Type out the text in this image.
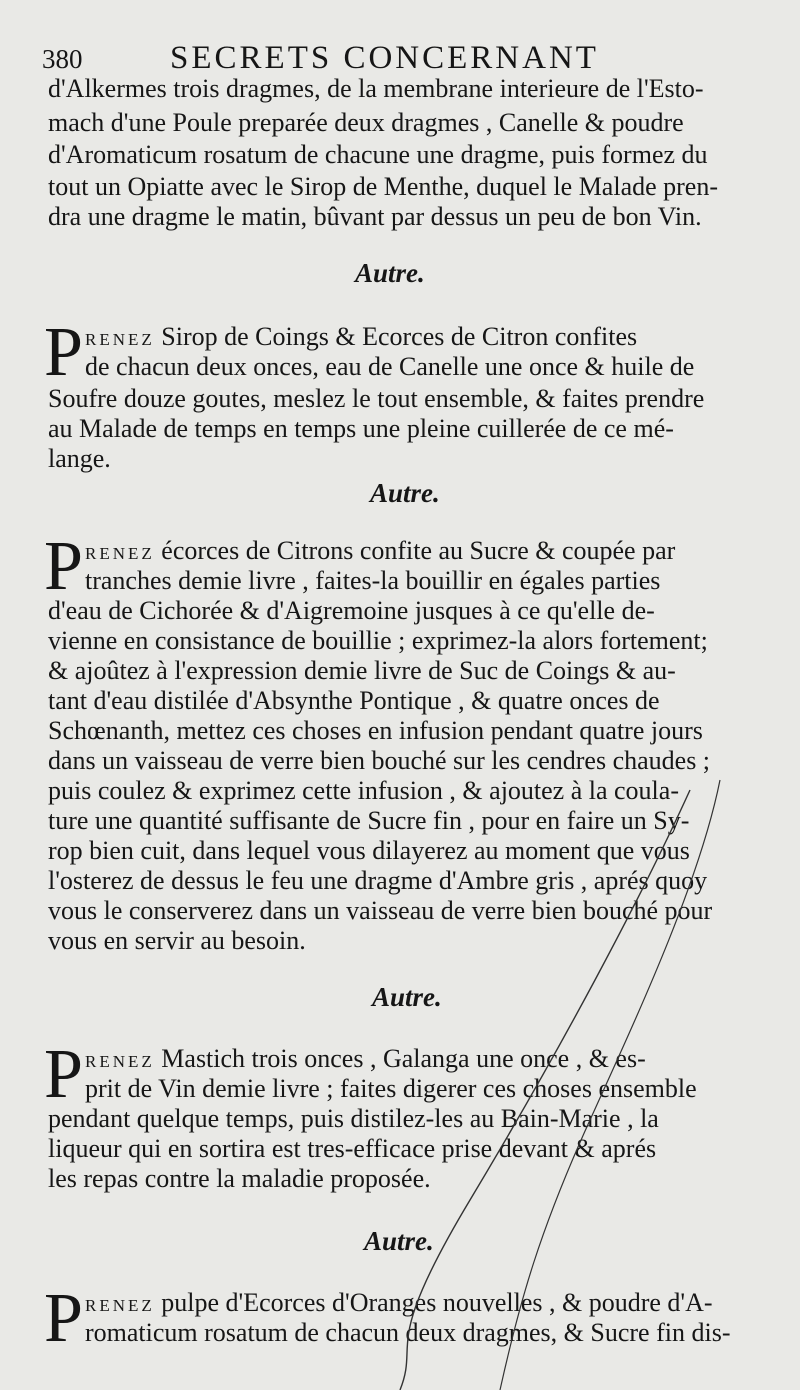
380	SECRETS CONCERNANT
d'Alkermes trois dragmes, de la membrane interieure de l'Esto-
mach d'une Poule preparée deux dragmes , Canelle & poudre
d'Aromaticum rosatum de chacune une dragme, puis formez du
tout un Opiatte avec le Sirop de Menthe, duquel le Malade pren-
dra une dragme le matin, bûvant par dessus un peu de bon Vin.
Autre.
P RENEZ Sirop de Coings & Ecorces de Citron confites
de chacun deux onces, eau de Canelle une once & huile de
Soufre douze goutes, meslez le tout ensemble, & faites prendre
au Malade de temps en temps une pleine cuillerée de ce mé-
lange.
Autre.
P RENEZ écorces de Citrons confite au Sucre & coupée par
tranches demie livre , faites-la bouillir en égales parties
d'eau de Cichorée & d'Aigremoine jusques à ce qu'elle de-
vienne en consistance de bouillie ; exprimez-la alors fortement;
& ajoûtez à l'expression demie livre de Suc de Coings & au-
tant d'eau distilée d'Absynthe Pontique , & quatre onces de
Schœnanth, mettez ces choses en infusion pendant quatre jours
dans un vaisseau de verre bien bouché sur les cendres chaudes ;
puis coulez & exprimez cette infusion , & ajoutez à la coula-
ture une quantité suffisante de Sucre fin , pour en faire un Sy-
rop bien cuit, dans lequel vous dilayerez au moment que vous
l'osterez de dessus le feu une dragme d'Ambre gris , aprés quoy
vous le conserverez dans un vaisseau de verre bien bouché pour
vous en servir au besoin.
Autre.
P RENEZ Mastich trois onces , Galanga une once , & es-
prit de Vin demie livre ; faites digerer ces choses ensemble
pendant quelque temps, puis distilez-les au Bain-Marie , la
liqueur qui en sortira est tres-efficace prise devant & aprés
les repas contre la maladie proposée.
Autre.
P RENEZ pulpe d'Ecorces d'Oranges nouvelles , & poudre d'A-
romaticum rosatum de chacun deux dragmes, & Sucre fin dis-
